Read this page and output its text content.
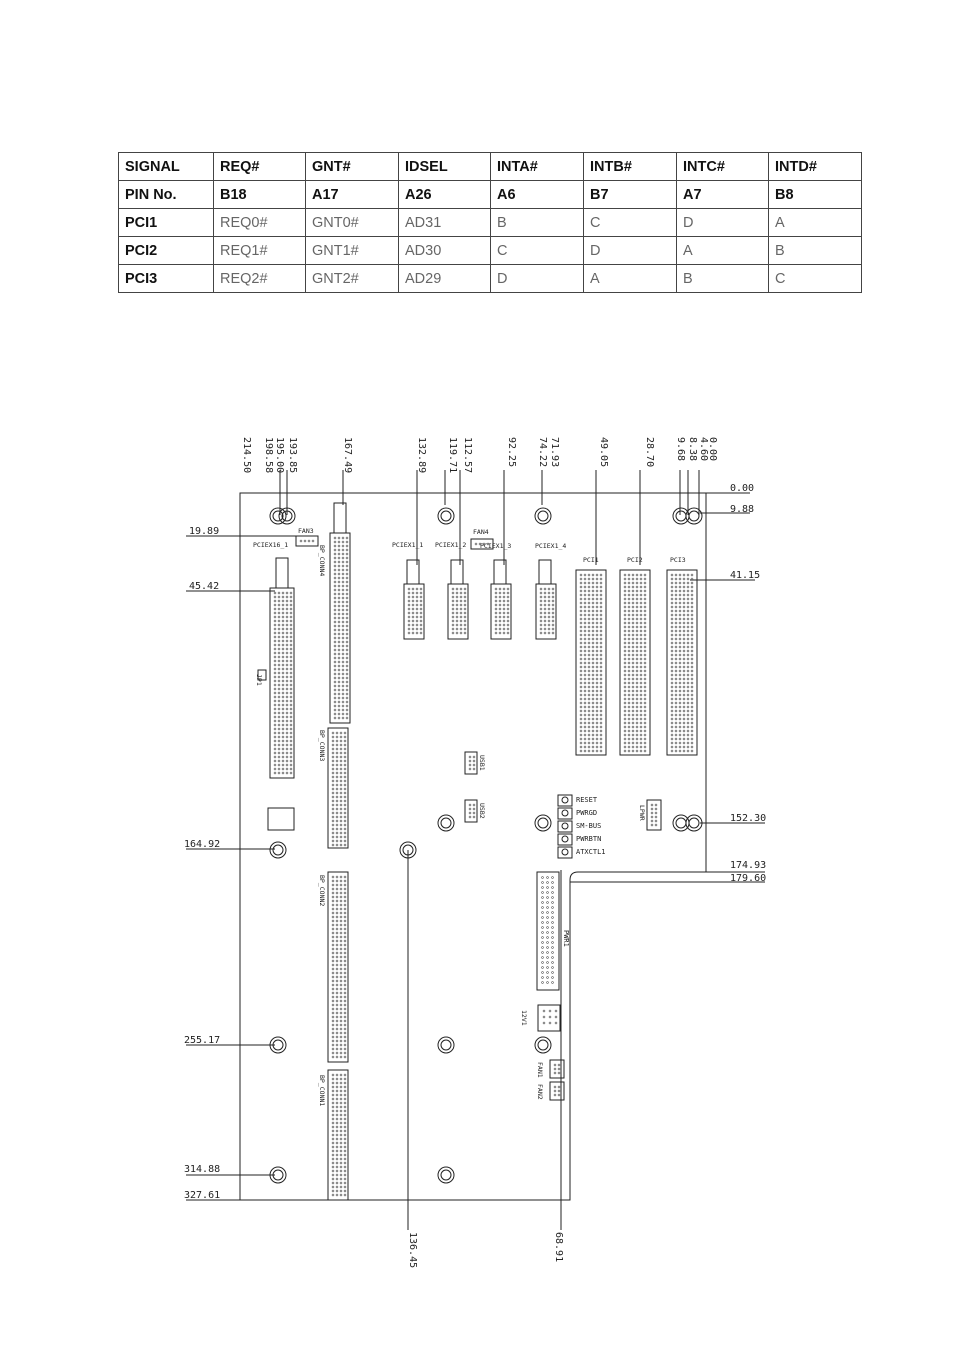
SIGNAL	REQ#	GNT#	IDSEL	INTA#	INTB#	INTC#	INTD#
PIN No.	B18	A17	A26	A6	B7	A7	B8
PCI1	REQ0#	GNT0#	AD31	B	C	D	A
PCI2	REQ1#	GNT1#	AD30	C	D	A	B
PCI3	REQ2#	GNT2#	AD29	D	A	B	C
214.50 198.58 195.00 193.85	167.49	132.89 119.71 112.57	92.25 74.22 71.93	49.05	28.70 9.68 8.38 4.60
0.00
0.00
9.88
41.15
152.30
174.93
179.60
19.89
45.42
164.92
255.17
314.88
327.61
136.45	68.91
PCIEX16_1
FAN3	FAN4
PCIEX1_1 PCIEX1_2 PCIEX1_3	PCIEX1_4
PCI1	PCI2	PCI3
BP_CONN4
BP_CONN3
BP_CONN2
BP_CONN1
USB1
USB2
JP1
LPWR
PWR1
12V1
FAN1
FAN2
RESET
PWRGD
SM-BUS
PWRBTN
ATXCTL1
